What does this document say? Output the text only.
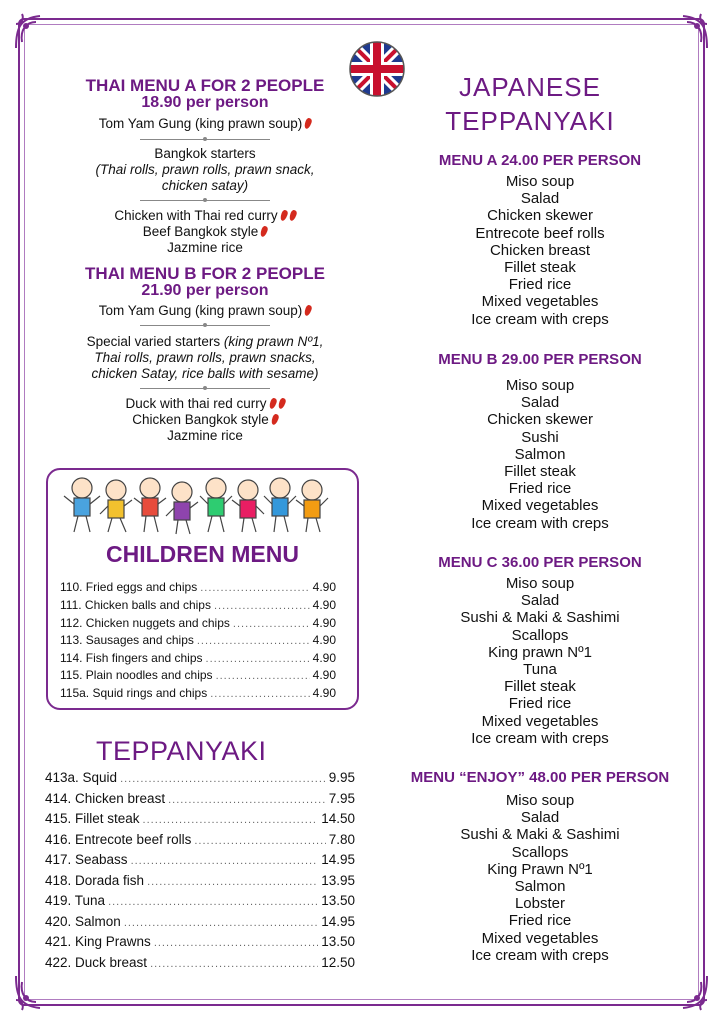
THAI MENU A FOR 2 PEOPLE
18.90 per person
Tom Yam Gung (king prawn soup)
Bangkok starters
(Thai rolls, prawn rolls, prawn snack,
chicken satay)
Chicken with Thai red curry
Beef Bangkok style
Jazmine rice
THAI MENU B FOR 2 PEOPLE
21.90 per person
Tom Yam Gung (king prawn soup)
Special varied starters (king prawn Nº1,
Thai rolls, prawn rolls, prawn snacks,
chicken Satay, rice balls with sesame)
Duck with thai red curry
Chicken Bangkok style
Jazmine rice
CHILDREN MENU
110. Fried eggs and chips .....	4.90
111. Chicken balls and chips .....	4.90
112. Chicken nuggets and chips .....	4.90
113. Sausages and chips .....	4.90
114. Fish fingers and chips .....	4.90
115. Plain noodles and chips .....	4.90
115a. Squid rings and chips .....	4.90
TEPPANYAKI
413a. Squid .....	9.95
414. Chicken breast .....	7.95
415. Fillet steak .....	14.50
416. Entrecote beef rolls .....	7.80
417. Seabass .....	14.95
418. Dorada fish .....	13.95
419. Tuna .....	13.50
420. Salmon .....	14.95
421. King Prawns .....	13.50
422. Duck breast .....	12.50
JAPANESE
TEPPANYAKI
MENU A 24.00 PER PERSON
Miso soup
Salad
Chicken skewer
Entrecote beef rolls
Chicken breast
Fillet steak
Fried rice
Mixed vegetables
Ice cream with creps
MENU B 29.00 PER PERSON
Miso soup
Salad
Chicken skewer
Sushi
Salmon
Fillet steak
Fried rice
Mixed vegetables
Ice cream with creps
MENU C 36.00 PER PERSON
Miso soup
Salad
Sushi & Maki & Sashimi
Scallops
King prawn Nº1
Tuna
Fillet steak
Fried rice
Mixed vegetables
Ice cream with creps
MENU “ENJOY” 48.00 PER PERSON
Miso soup
Salad
Sushi & Maki & Sashimi
Scallops
King Prawn Nº1
Salmon
Lobster
Fried rice
Mixed vegetables
Ice cream with creps
